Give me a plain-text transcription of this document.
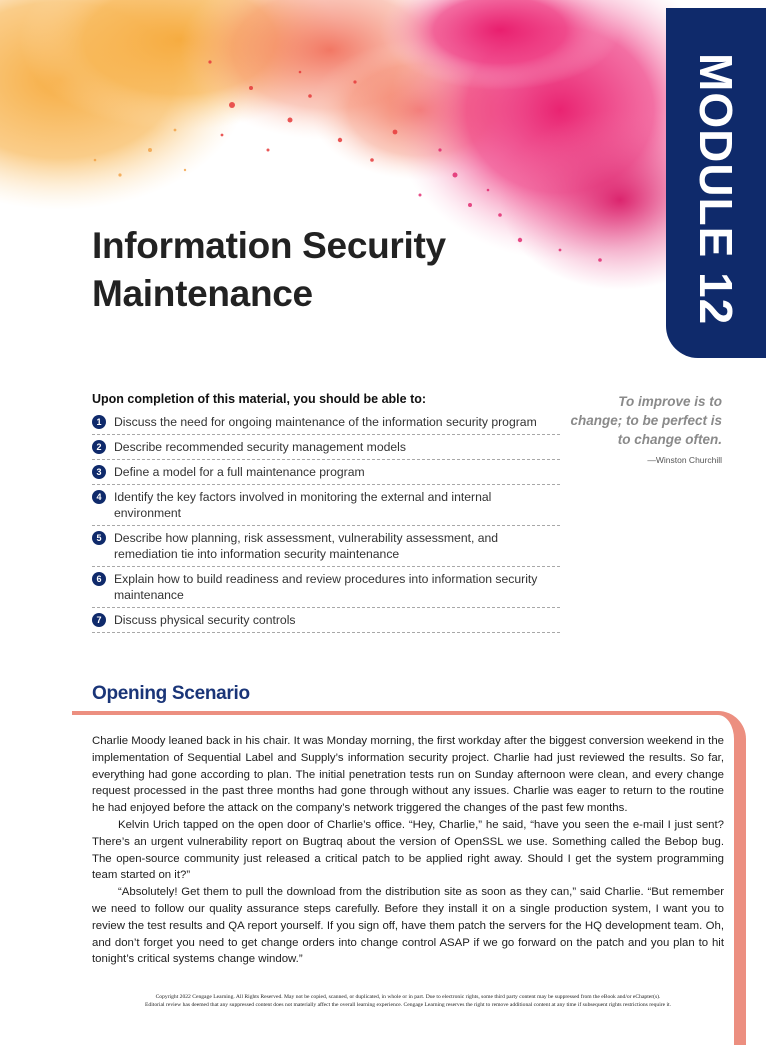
MODULE 12
Information Security
Maintenance
Upon completion of this material, you should be able to:
1	Discuss the need for ongoing maintenance of the information security program
2	Describe recommended security management models
3	Define a model for a full maintenance program
4	Identify the key factors involved in monitoring the external and internal environment
5	Describe how planning, risk assessment, vulnerability assessment, and remediation tie into information security maintenance
6	Explain how to build readiness and review procedures into information security maintenance
7	Discuss physical security controls
To improve is to change; to be perfect is to change often.
—Winston Churchill
Opening Scenario

Charlie Moody leaned back in his chair. It was Monday morning, the first workday after the biggest conversion weekend in the implementation of Sequential Label and Supply’s information security project. Charlie had just reviewed the results. So far, everything had gone according to plan. The initial penetration tests run on Sunday afternoon were clean, and every change request processed in the past three months had gone through without any issues. Charlie was eager to return to the routine he had enjoyed before the attack on the company’s network triggered the changes of the past few months.

Kelvin Urich tapped on the open door of Charlie’s office. “Hey, Charlie,” he said, “have you seen the e-mail I just sent? There’s an urgent vulnerability report on Bugtraq about the version of OpenSSL we use. Something called the Bebop bug. The open-source community just released a critical patch to be applied right away. Should I get the system programming team started on it?”

“Absolutely! Get them to pull the download from the distribution site as soon as they can,” said Charlie. “But remember we need to follow our quality assurance steps carefully. Before they install it on a single production system, I want you to review the test results and QA report yourself. If you sign off, have them patch the servers for the HQ development team. Oh, and don’t forget you need to get change orders into change control ASAP if we go forward on the patch and you plan to hit tonight’s critical systems change window.”

Copyright 2022 Cengage Learning. All Rights Reserved. May not be copied, scanned, or duplicated, in whole or in part. Due to electronic rights, some third party content may be suppressed from the eBook and/or eChapter(s).
Editorial review has deemed that any suppressed content does not materially affect the overall learning experience. Cengage Learning reserves the right to remove additional content at any time if subsequent rights restrictions require it.
